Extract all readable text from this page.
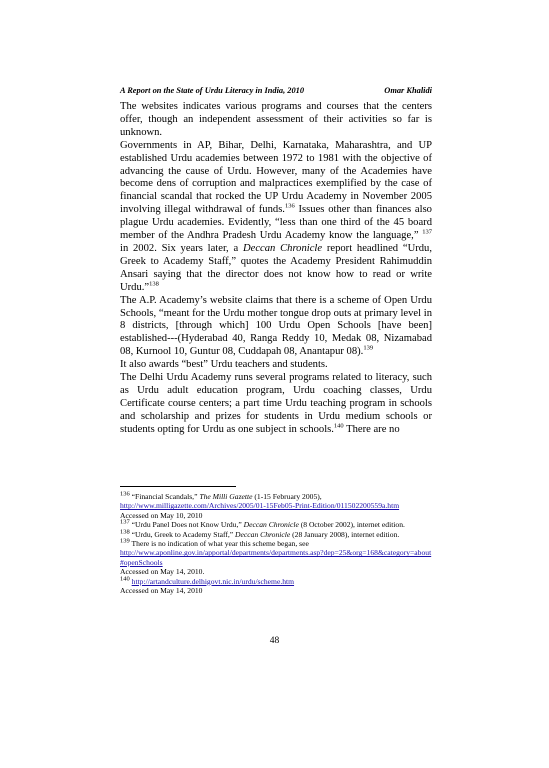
A Report on the State of Urdu Literacy in India, 2010	Omar Khalidi

The websites indicates various programs and courses that the centers offer, though an independent assessment of their activities so far is unknown.

Governments in AP, Bihar, Delhi, Karnataka, Maharashtra, and UP established Urdu academies between 1972 to 1981 with the objective of advancing the cause of Urdu. However, many of the Academies have become dens of corruption and malpractices exemplified by the case of financial scandal that rocked the UP Urdu Academy in November 2005 involving illegal withdrawal of funds.$^{136}$ Issues other than finances also plague Urdu academies. Evidently, “less than one third of the 45 board member of the Andhra Pradesh Urdu Academy know the language,” $^{137}$ in 2002. Six years later, a Deccan Chronicle report headlined “Urdu, Greek to Academy Staff,” quotes the Academy President Rahimuddin Ansari saying that the director does not know how to read or write Urdu.”$^{138}$

The A.P. Academy’s website claims that there is a scheme of Open Urdu Schools, “meant for the Urdu mother tongue drop outs at primary level in 8 districts, [through which] 100 Urdu Open Schools [have been] established---(Hyderabad 40, Ranga Reddy 10, Medak 08, Nizamabad 08, Kurnool 10, Guntur 08, Cuddapah 08, Anantapur 08).$^{139}$

It also awards “best” Urdu teachers and students.

The Delhi Urdu Academy runs several programs related to literacy, such as Urdu adult education program, Urdu coaching classes, Urdu Certificate course centers; a part time Urdu teaching program in schools and scholarship and prizes for students in Urdu medium schools or students opting for Urdu as one subject in schools.$^{140}$ There are no

$^{136}$ “Financial Scandals,” The Milli Gazette (1-15 February 2005),

http://www.milligazette.com/Archives/2005/01-15Feb05-Print-Edition/011502200559a.htm

Accessed on May 10, 2010

$^{137}$ “Urdu Panel Does not Know Urdu,” Deccan Chronicle (8 October 2002), internet edition.

$^{138}$ “Urdu, Greek to Academy Staff,” Deccan Chronicle (28 January 2008), internet edition.

$^{139}$ There is no indication of what year this scheme began, see

http://www.aponline.gov.in/apportal/departments/departments.asp?dep=25&org=168&category=about#openSchools

Accessed on May 14, 2010.

$^{140}$ http://artandculture.delhigovt.nic.in/urdu/scheme.htm

Accessed on May 14, 2010

48
